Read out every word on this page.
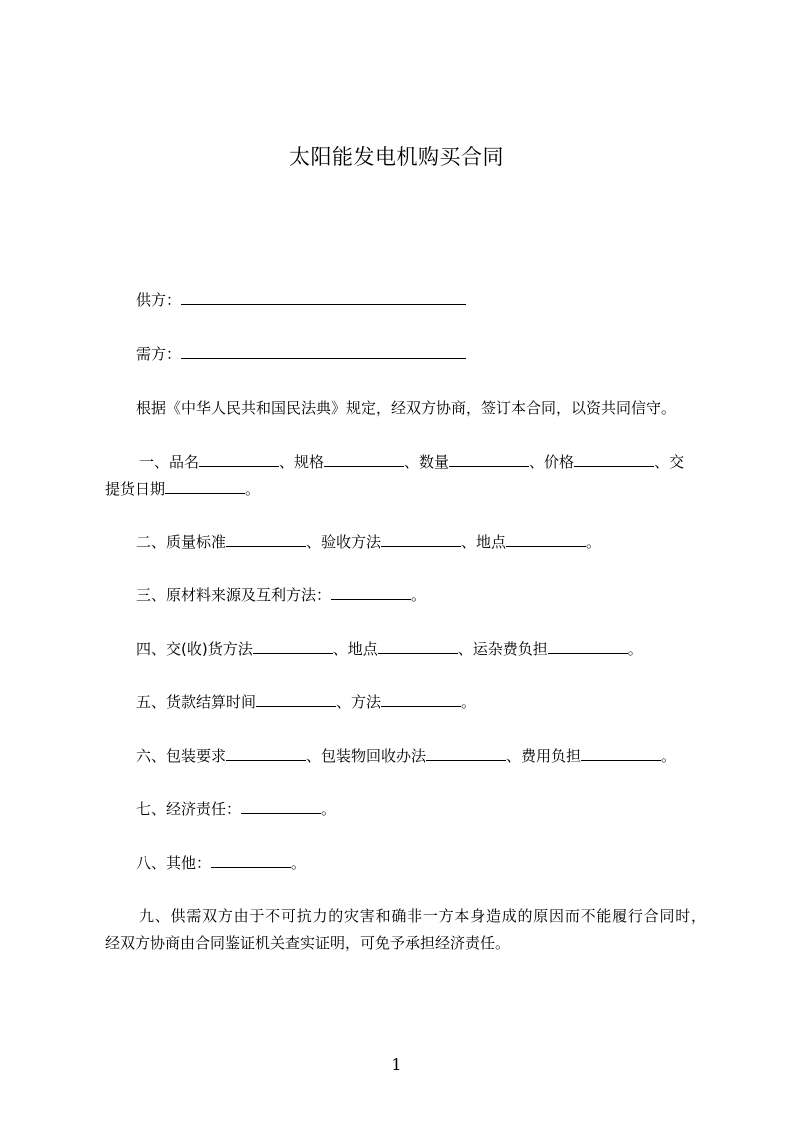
太阳能发电机购买合同
供方：
需方：
根据《中华人民共和国民法典》规定，经双方协商，签订本合同，以资共同信守。
一、品名	、规格	、数量	、价格	、交
提货日期	。
二、质量标准	、验收方法	、地点	。
三、原材料来源及互利方法：	。
四、交(收)货方法	、地点	、运杂费负担	。
五、货款结算时间	、方法	。
六、包装要求	、包装物回收办法	、费用负担	。
七、经济责任：	。
八、其他：	。
九、供需双方由于不可抗力的灾害和确非一方本身造成的原因而不能履行合同时，
经双方协商由合同鉴证机关查实证明，可免予承担经济责任。
1
